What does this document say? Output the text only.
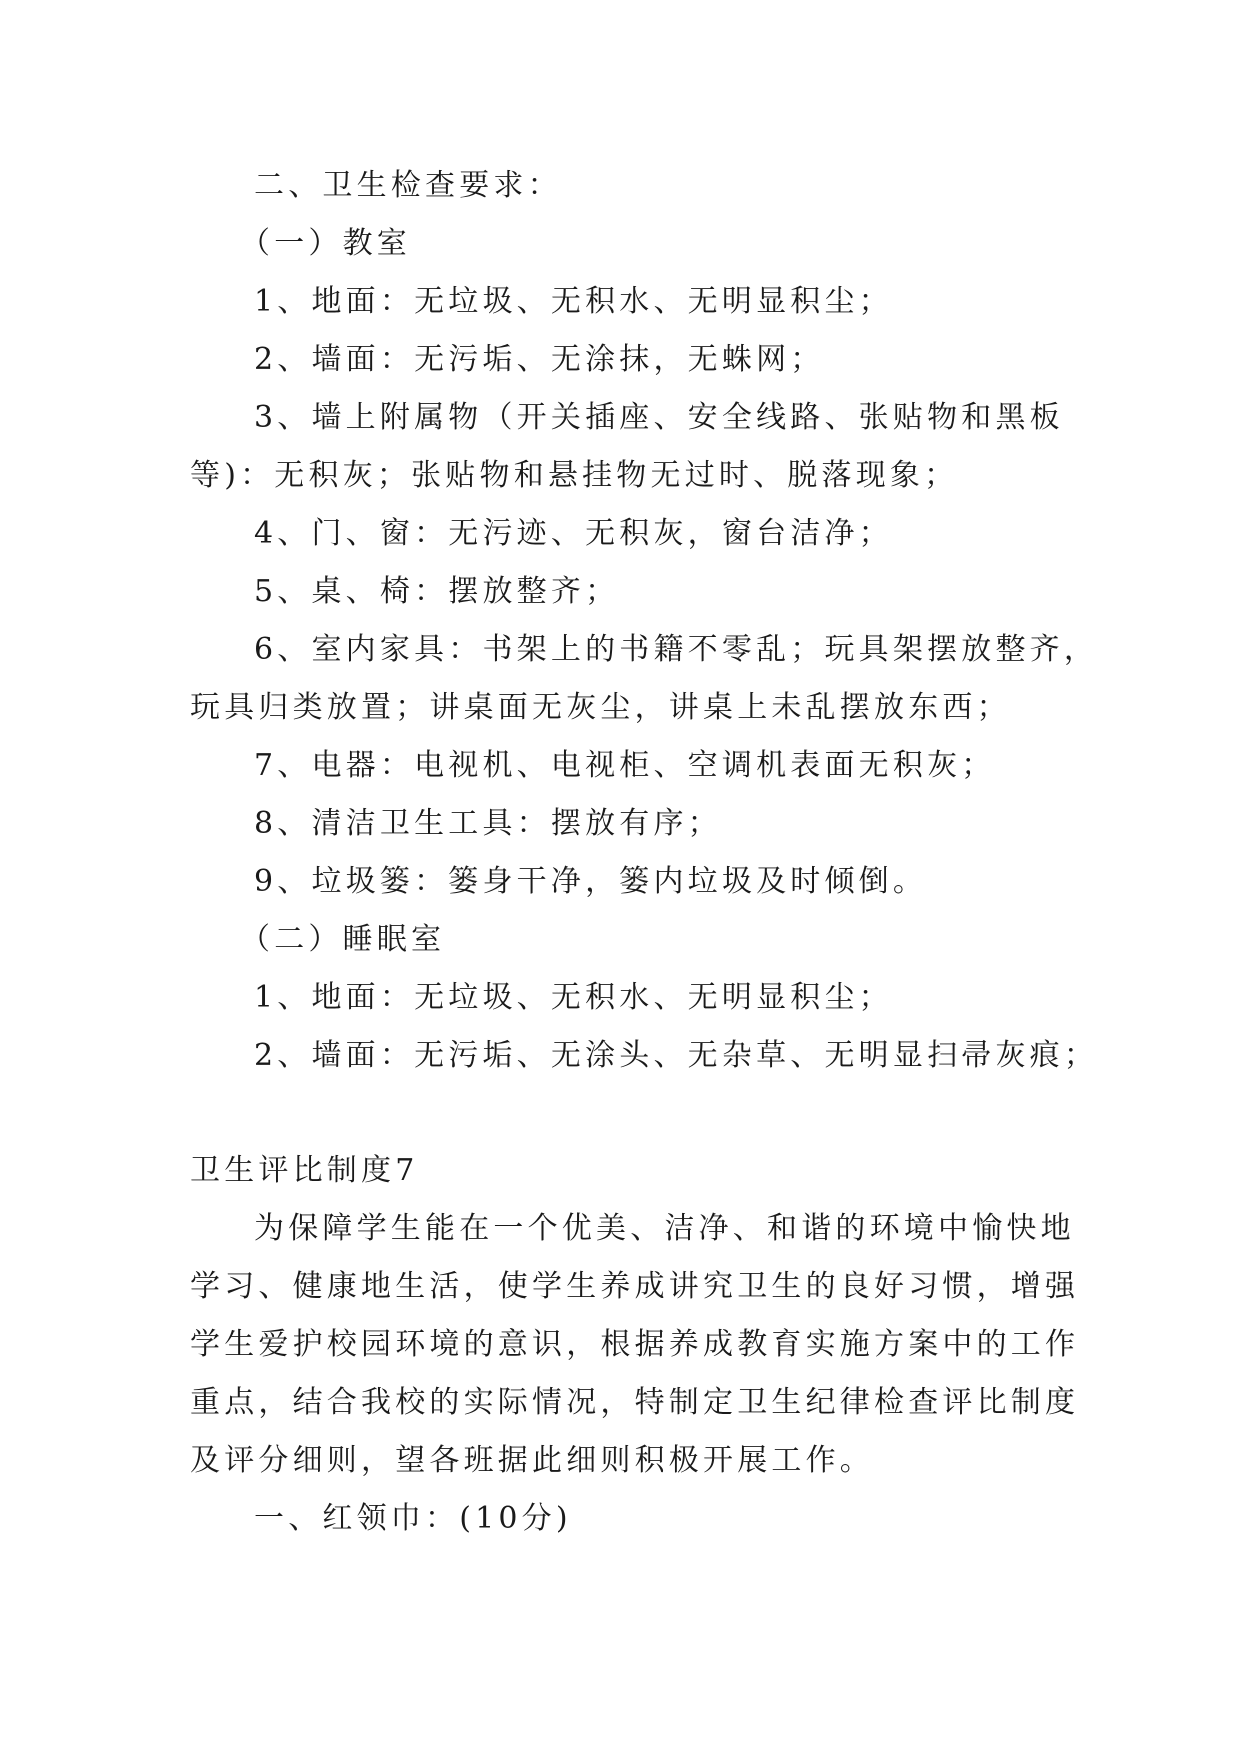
二、卫生检查要求：
（一）教室
1、地面：无垃圾、无积水、无明显积尘；
2、墙面：无污垢、无涂抹，无蛛网；
3、墙上附属物（开关插座、安全线路、张贴物和黑板
等)：无积灰；张贴物和悬挂物无过时、脱落现象；
4、门、窗：无污迹、无积灰，窗台洁净；
5、桌、椅：摆放整齐；
6、室内家具：书架上的书籍不零乱；玩具架摆放整齐，
玩具归类放置；讲桌面无灰尘，讲桌上未乱摆放东西；
7、电器：电视机、电视柜、空调机表面无积灰；
8、清洁卫生工具：摆放有序；
9、垃圾篓：篓身干净，篓内垃圾及时倾倒。
（二）睡眠室
1、地面：无垃圾、无积水、无明显积尘；
2、墙面：无污垢、无涂头、无杂草、无明显扫帚灰痕；
卫生评比制度7
为保障学生能在一个优美、洁净、和谐的环境中愉快地
学习、健康地生活，使学生养成讲究卫生的良好习惯，增强
学生爱护校园环境的意识，根据养成教育实施方案中的工作
重点，结合我校的实际情况，特制定卫生纪律检查评比制度
及评分细则，望各班据此细则积极开展工作。
一、红领巾：(10分)
